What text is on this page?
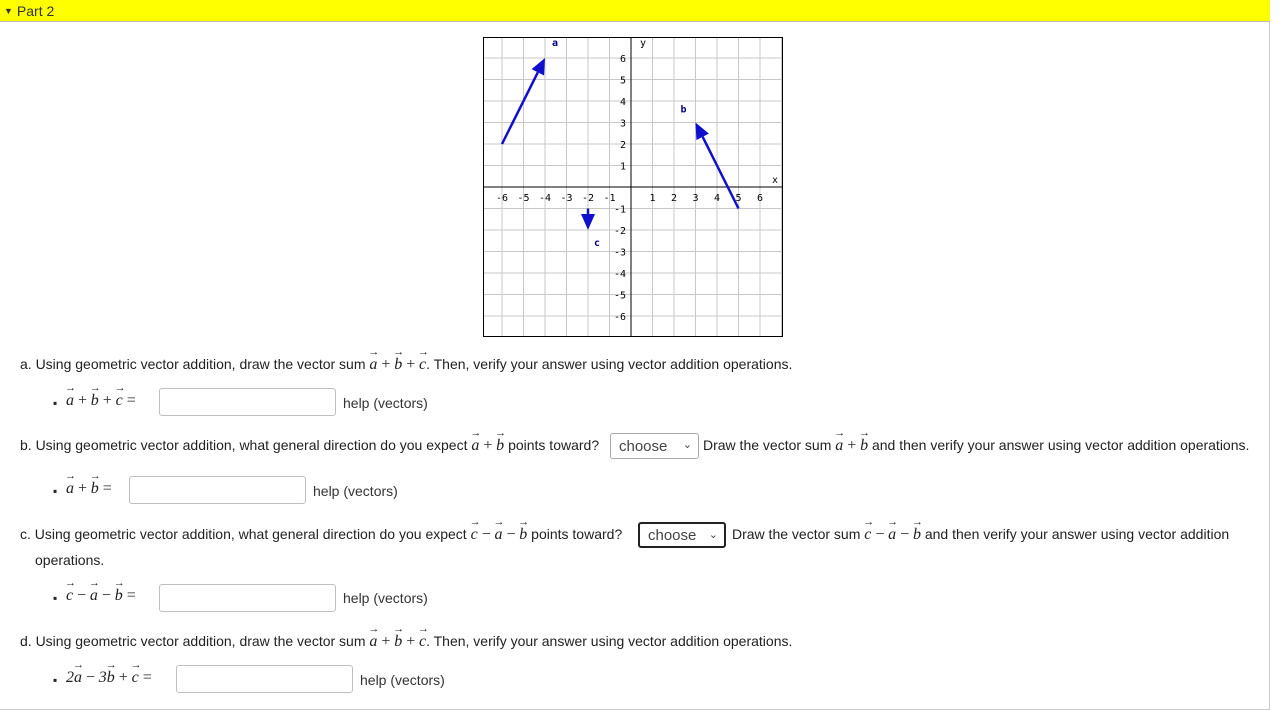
▼ Part 2
-6 -5 -4 -3 -2 -1	1 2 3 4 5 6
6
5
4
3
2
1
-1
-2
-3
-4
-5
-6
x
y
a
b
c
a. Using geometric vector addition, draw the vector sum a → + b → + c →. Then, verify your answer using vector addition operations.
▪ a → + b → + c → =	help (vectors)
b. Using geometric vector addition, what general direction do you expect a → + b → points toward? choose ⌄ Draw the vector sum a → + b → and then verify your answer using vector addition operations.
▪ a → + b → =	help (vectors)
c. Using geometric vector addition, what general direction do you expect c → − a → − b → points toward? choose ⌄ Draw the vector sum c → − a → − b → and then verify your answer using vector addition
operations.
▪ c → − a → − b → =	help (vectors)
d. Using geometric vector addition, draw the vector sum a → + b → + c →. Then, verify your answer using vector addition operations.
▪ 2a → − 3b → + c → =	help (vectors)
